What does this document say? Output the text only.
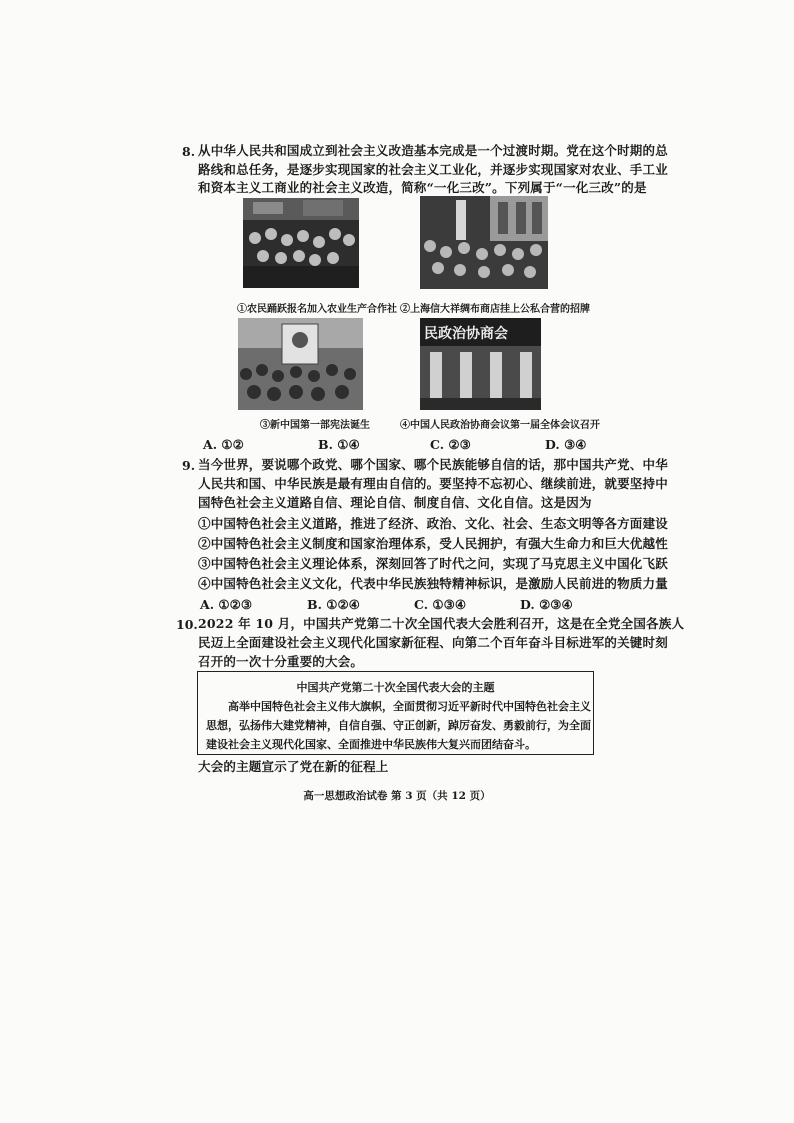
8. 从中华人民共和国成立到社会主义改造基本完成是一个过渡时期。党在这个时期的总
路线和总任务，是逐步实现国家的社会主义工业化，并逐步实现国家对农业、手工业
和资本主义工商业的社会主义改造，简称“一化三改”。下列属于“一化三改”的是
①农民踊跃报名加入农业生产合作社 ②上海信大祥绸布商店挂上公私合营的招牌
民政治协商会
③新中国第一部宪法诞生	④中国人民政治协商会议第一届全体会议召开
A. ①②	B. ①④	C. ②③	D. ③④
9. 当今世界，要说哪个政党、哪个国家、哪个民族能够自信的话，那中国共产党、中华
人民共和国、中华民族是最有理由自信的。要坚持不忘初心、继续前进，就要坚持中
国特色社会主义道路自信、理论自信、制度自信、文化自信。这是因为
①中国特色社会主义道路，推进了经济、政治、文化、社会、生态文明等各方面建设
②中国特色社会主义制度和国家治理体系，受人民拥护，有强大生命力和巨大优越性
③中国特色社会主义理论体系，深刻回答了时代之问，实现了马克思主义中国化飞跃
④中国特色社会主义文化，代表中华民族独特精神标识，是激励人民前进的物质力量
A. ①②③	B. ①②④	C. ①③④	D. ②③④
10. 2022 年 10 月，中国共产党第二十次全国代表大会胜利召开，这是在全党全国各族人
民迈上全面建设社会主义现代化国家新征程、向第二个百年奋斗目标进军的关键时刻
召开的一次十分重要的大会。
中国共产党第二十次全国代表大会的主题
高举中国特色社会主义伟大旗帜，全面贯彻习近平新时代中国特色社会主义
思想，弘扬伟大建党精神，自信自强、守正创新，踔厉奋发、勇毅前行，为全面
建设社会主义现代化国家、全面推进中华民族伟大复兴而团结奋斗。
大会的主题宣示了党在新的征程上
高一思想政治试卷 第 3 页（共 12 页）
